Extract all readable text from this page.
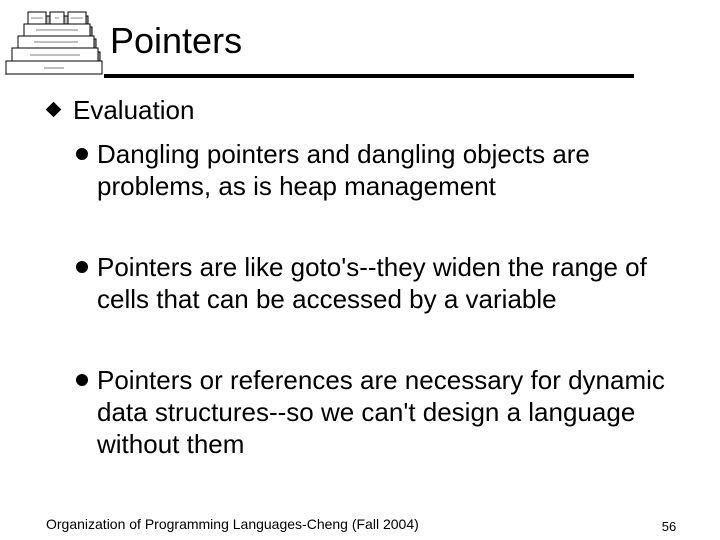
Pointers
Evaluation
Dangling pointers and dangling objects are problems, as is heap management
Pointers are like goto's--they widen the range of cells that can be accessed by a variable
Pointers or references are necessary for dynamic data structures--so we can't design a language without them
Organization of Programming Languages-Cheng (Fall 2004)	56
